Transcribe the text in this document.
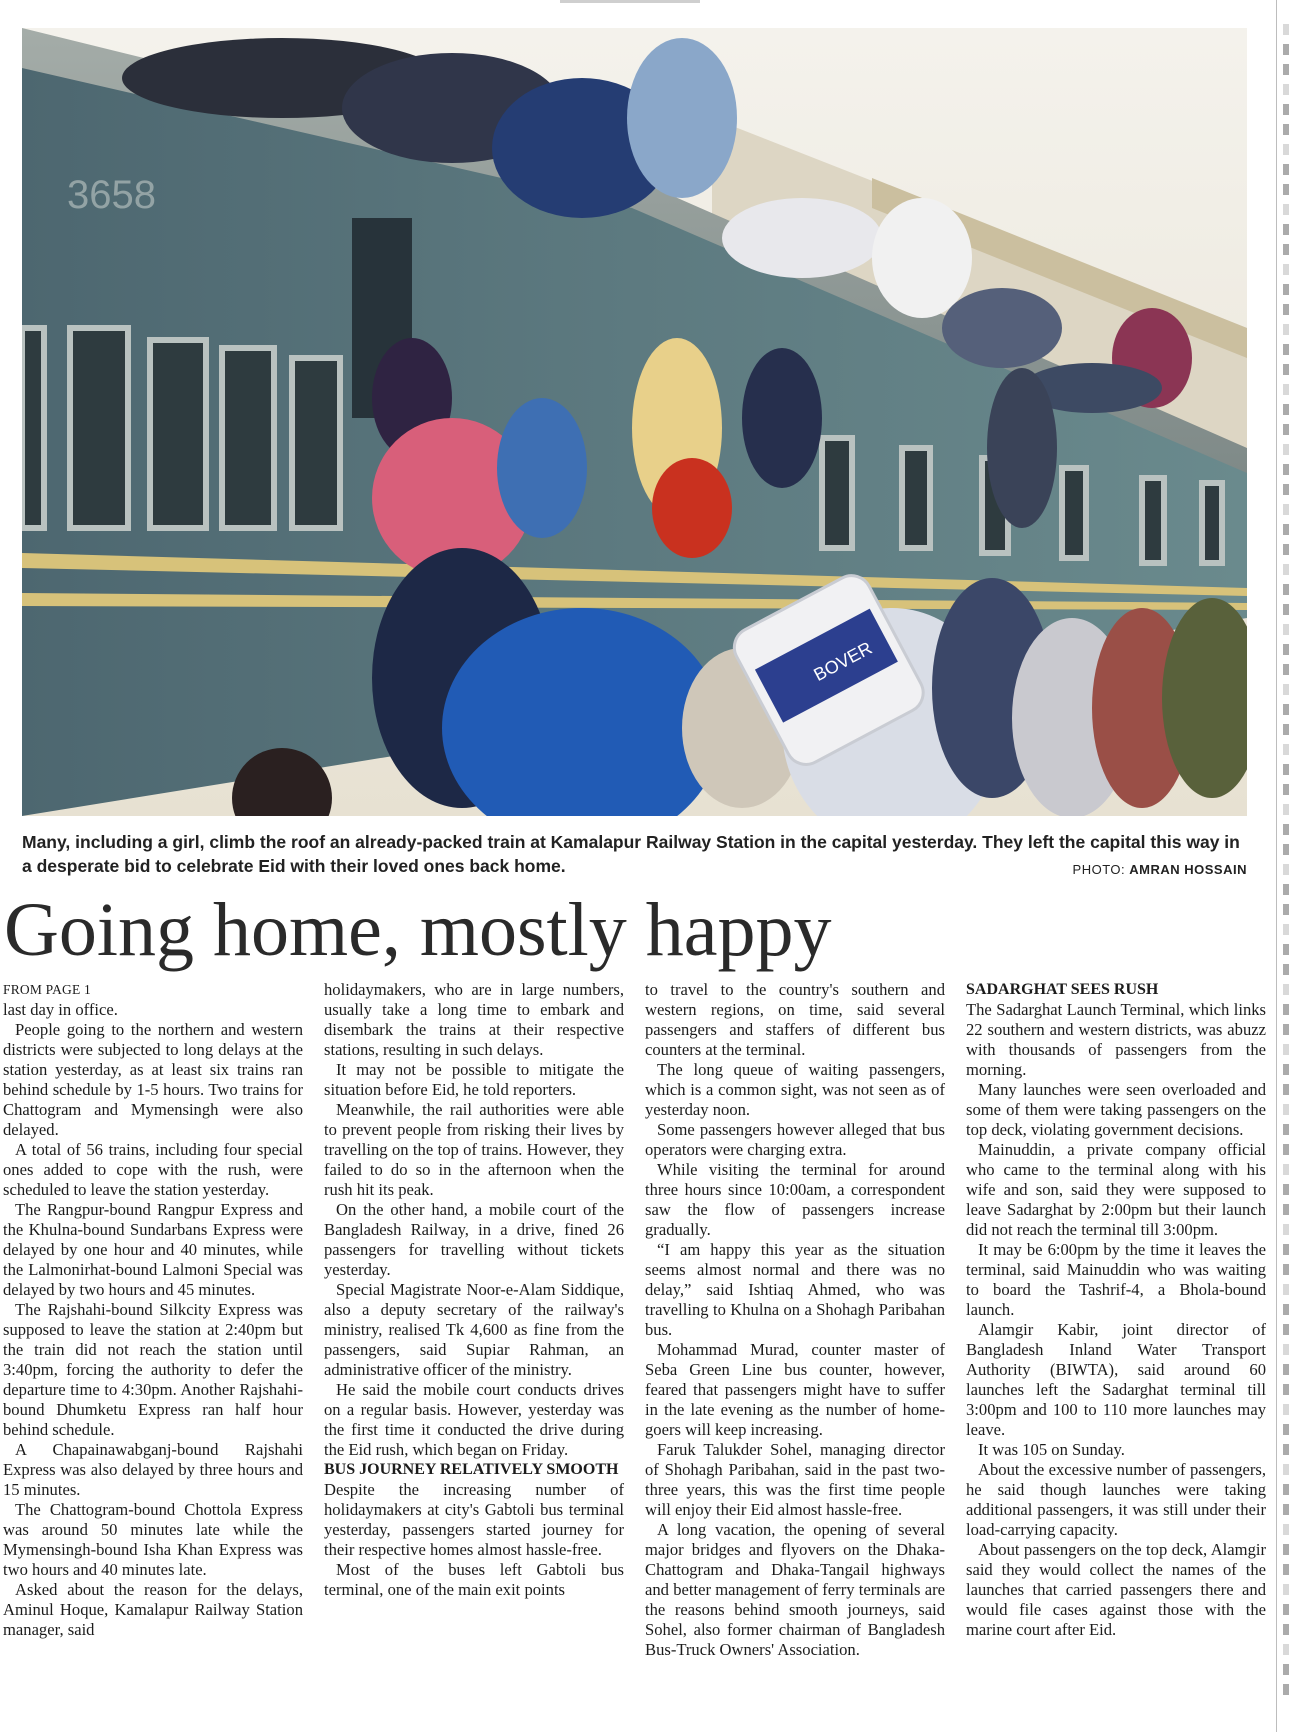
3658
BOVER
Many, including a girl, climb the roof an already-packed train at Kamalapur Railway Station in the capital yesterday. They left the capital this way in a desperate bid to celebrate Eid with their loved ones back home.	PHOTO: AMRAN HOSSAIN
Going home, mostly happy
FROM PAGE 1

last day in office.

People going to the northern and western districts were subjected to long delays at the station yesterday, as at least six trains ran behind schedule by 1-5 hours. Two trains for Chattogram and Mymensingh were also delayed.

A total of 56 trains, including four special ones added to cope with the rush, were scheduled to leave the station yesterday.

The Rangpur-bound Rangpur Express and the Khulna-bound Sundarbans Express were delayed by one hour and 40 minutes, while the Lalmonirhat-bound Lalmoni Special was delayed by two hours and 45 minutes.

The Rajshahi-bound Silkcity Express was supposed to leave the station at 2:40pm but the train did not reach the station until 3:40pm, forcing the authority to defer the departure time to 4:30pm. Another Rajshahi-bound Dhumketu Express ran half hour behind schedule.

A Chapainawabganj-bound Rajshahi Express was also delayed by three hours and 15 minutes.

The Chattogram-bound Chottola Express was around 50 minutes late while the Mymensingh-bound Isha Khan Express was two hours and 40 minutes late.

Asked about the reason for the delays, Aminul Hoque, Kamalapur Railway Station manager, said

holidaymakers, who are in large numbers, usually take a long time to embark and disembark the trains at their respective stations, resulting in such delays.

It may not be possible to mitigate the situation before Eid, he told reporters.

Meanwhile, the rail authorities were able to prevent people from risking their lives by travelling on the top of trains. However, they failed to do so in the afternoon when the rush hit its peak.

On the other hand, a mobile court of the Bangladesh Railway, in a drive, fined 26 passengers for travelling without tickets yesterday.

Special Magistrate Noor-e-Alam Siddique, also a deputy secretary of the railway's ministry, realised Tk 4,600 as fine from the passengers, said Supiar Rahman, an administrative officer of the ministry.

He said the mobile court conducts drives on a regular basis. However, yesterday was the first time it conducted the drive during the Eid rush, which began on Friday.

BUS JOURNEY RELATIVELY SMOOTH

Despite the increasing number of holidaymakers at city's Gabtoli bus terminal yesterday, passengers started journey for their respective homes almost hassle-free.

Most of the buses left Gabtoli bus terminal, one of the main exit points

to travel to the country's southern and western regions, on time, said several passengers and staffers of different bus counters at the terminal.

The long queue of waiting passengers, which is a common sight, was not seen as of yesterday noon.

Some passengers however alleged that bus operators were charging extra.

While visiting the terminal for around three hours since 10:00am, a correspondent saw the flow of passengers increase gradually.

“I am happy this year as the situation seems almost normal and there was no delay,” said Ishtiaq Ahmed, who was travelling to Khulna on a Shohagh Paribahan bus.

Mohammad Murad, counter master of Seba Green Line bus counter, however, feared that passengers might have to suffer in the late evening as the number of home-goers will keep increasing.

Faruk Talukder Sohel, managing director of Shohagh Paribahan, said in the past two-three years, this was the first time people will enjoy their Eid almost hassle-free.

A long vacation, the opening of several major bridges and flyovers on the Dhaka-Chattogram and Dhaka-Tangail highways and better management of ferry terminals are the reasons behind smooth journeys, said Sohel, also former chairman of Bangladesh Bus-Truck Owners' Association.

SADARGHAT SEES RUSH

The Sadarghat Launch Terminal, which links 22 southern and western districts, was abuzz with thousands of passengers from the morning.

Many launches were seen overloaded and some of them were taking passengers on the top deck, violating government decisions.

Mainuddin, a private company official who came to the terminal along with his wife and son, said they were supposed to leave Sadarghat by 2:00pm but their launch did not reach the terminal till 3:00pm.

It may be 6:00pm by the time it leaves the terminal, said Mainuddin who was waiting to board the Tashrif-4, a Bhola-bound launch.

Alamgir Kabir, joint director of Bangladesh Inland Water Transport Authority (BIWTA), said around 60 launches left the Sadarghat terminal till 3:00pm and 100 to 110 more launches may leave.

It was 105 on Sunday.

About the excessive number of passengers, he said though launches were taking additional passengers, it was still under their load-carrying capacity.

About passengers on the top deck, Alamgir said they would collect the names of the launches that carried passengers there and would file cases against those with the marine court after Eid.
